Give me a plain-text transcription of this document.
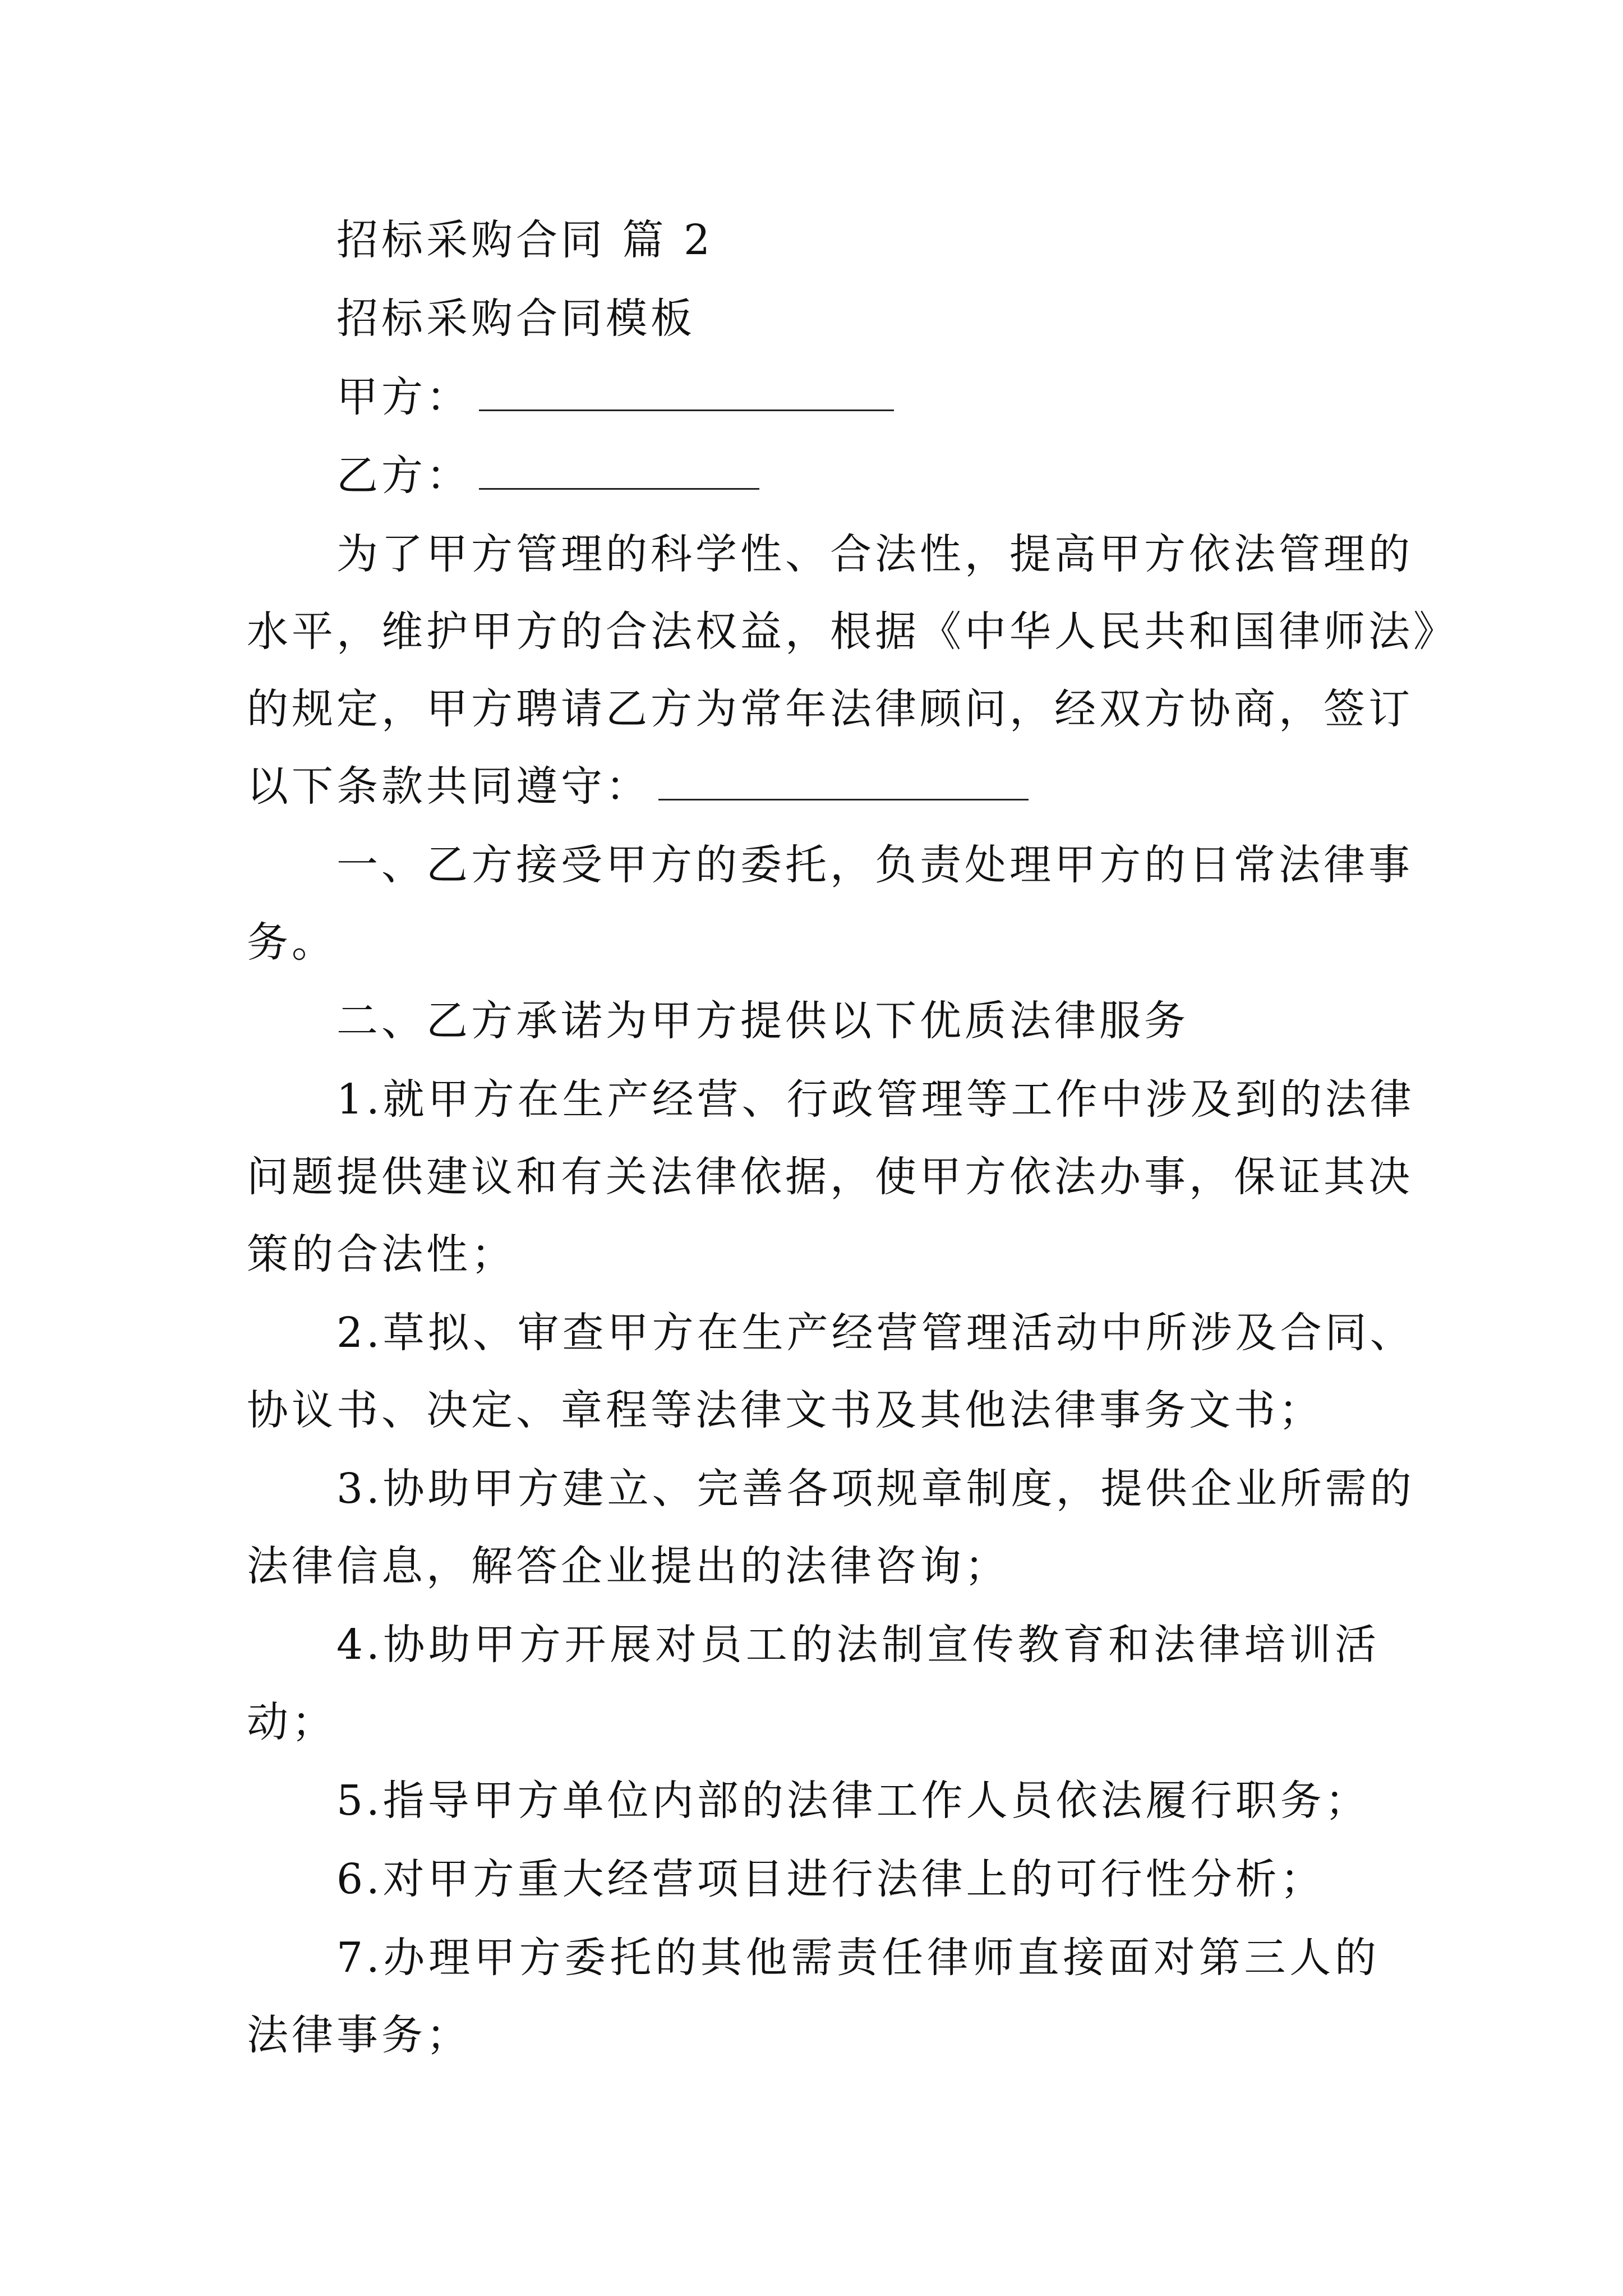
招标采购合同 篇 2
招标采购合同模板
甲方：
乙方：
为了甲方管理的科学性、合法性，提高甲方依法管理的
水平，维护甲方的合法权益，根据《中华人民共和国律师法》
的规定，甲方聘请乙方为常年法律顾问，经双方协商，签订
以下条款共同遵守：
一、乙方接受甲方的委托，负责处理甲方的日常法律事
务。
二、乙方承诺为甲方提供以下优质法律服务
1.就甲方在生产经营、行政管理等工作中涉及到的法律
问题提供建议和有关法律依据，使甲方依法办事，保证其决
策的合法性；
2.草拟、审查甲方在生产经营管理活动中所涉及合同、
协议书、决定、章程等法律文书及其他法律事务文书；
3.协助甲方建立、完善各项规章制度，提供企业所需的
法律信息，解答企业提出的法律咨询；
4.协助甲方开展对员工的法制宣传教育和法律培训活
动；
5.指导甲方单位内部的法律工作人员依法履行职务；
6.对甲方重大经营项目进行法律上的可行性分析；
7.办理甲方委托的其他需责任律师直接面对第三人的
法律事务；
